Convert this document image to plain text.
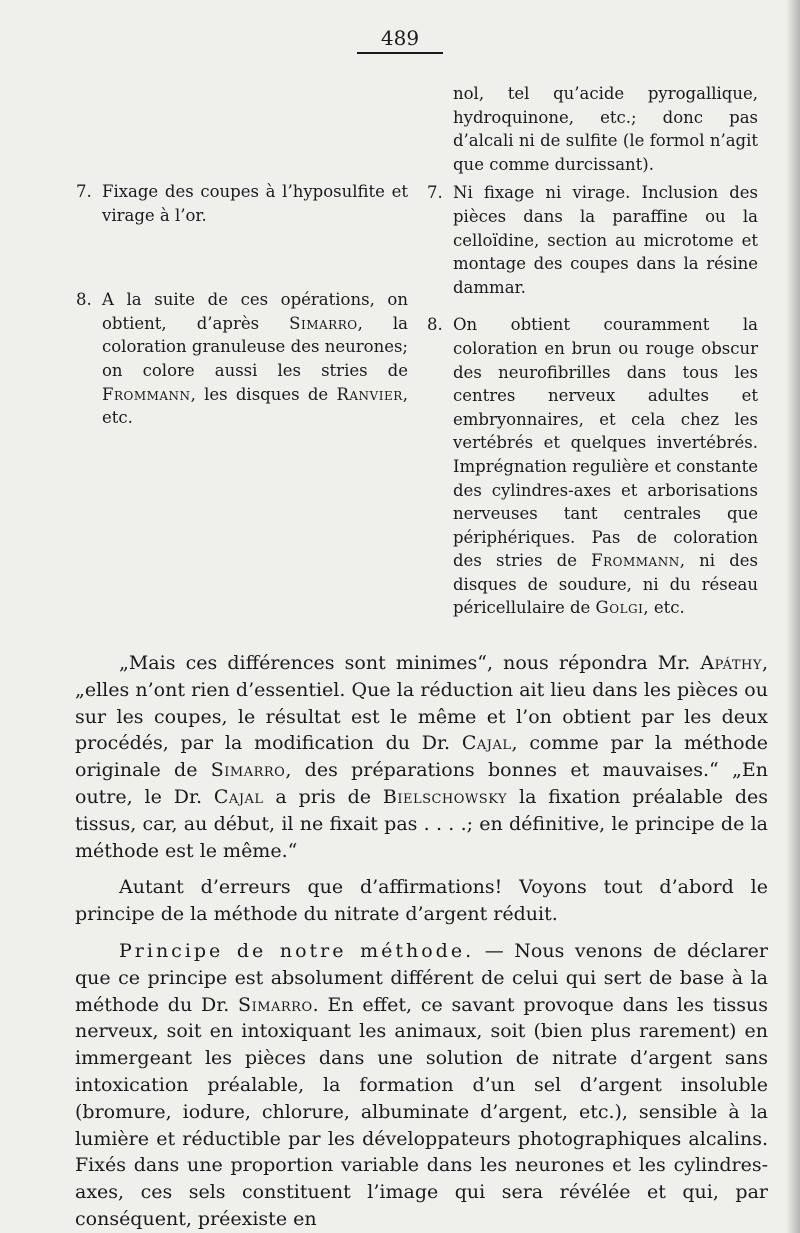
489
7. Fixage des coupes à l’hyposulfite et virage à l’or.
8. A la suite de ces opérations, on obtient, d’après Simarro, la coloration granuleuse des neurones; on colore aussi les stries de Frommann, les disques de Ranvier, etc.
nol, tel qu’acide pyrogallique, hydroquinone, etc.; donc pas d’alcali ni de sulfite (le formol n’agit que comme durcissant).
7. Ni fixage ni virage. Inclusion des pièces dans la paraffine ou la celloïdine, section au microtome et montage des coupes dans la résine dammar.
8. On obtient couramment la coloration en brun ou rouge obscur des neurofibrilles dans tous les centres nerveux adultes et embryonnaires, et cela chez les vertébrés et quelques invertébrés. Imprégnation regulière et constante des cylindres-axes et arborisations nerveuses tant centrales que périphériques. Pas de coloration des stries de Frommann, ni des disques de soudure, ni du réseau péricellulaire de Golgi, etc.

„Mais ces différences sont minimes“, nous répondra Mr. Apáthy, „elles n’ont rien d’essentiel. Que la réduction ait lieu dans les pièces ou sur les coupes, le résultat est le même et l’on obtient par les deux procédés, par la modification du Dr. Cajal, comme par la méthode originale de Simarro, des préparations bonnes et mauvaises.“ „En outre, le Dr. Cajal a pris de Bielschowsky la fixation préalable des tissus, car, au début, il ne fixait pas . . . .; en définitive, le principe de la méthode est le même.“

Autant d’erreurs que d’affirmations! Voyons tout d’abord le principe de la méthode du nitrate d’argent réduit.

Principe de notre méthode. — Nous venons de déclarer que ce principe est absolument différent de celui qui sert de base à la méthode du Dr. Simarro. En effet, ce savant provoque dans les tissus nerveux, soit en intoxiquant les animaux, soit (bien plus rarement) en immergeant les pièces dans une solution de nitrate d’argent sans intoxication préalable, la formation d’un sel d’argent insoluble (bromure, iodure, chlorure, albuminate d’argent, etc.), sensible à la lumière et réductible par les développateurs photographiques alcalins. Fixés dans une proportion variable dans les neurones et les cylindres-axes, ces sels constituent l’image qui sera révélée et qui, par conséquent, préexiste en
